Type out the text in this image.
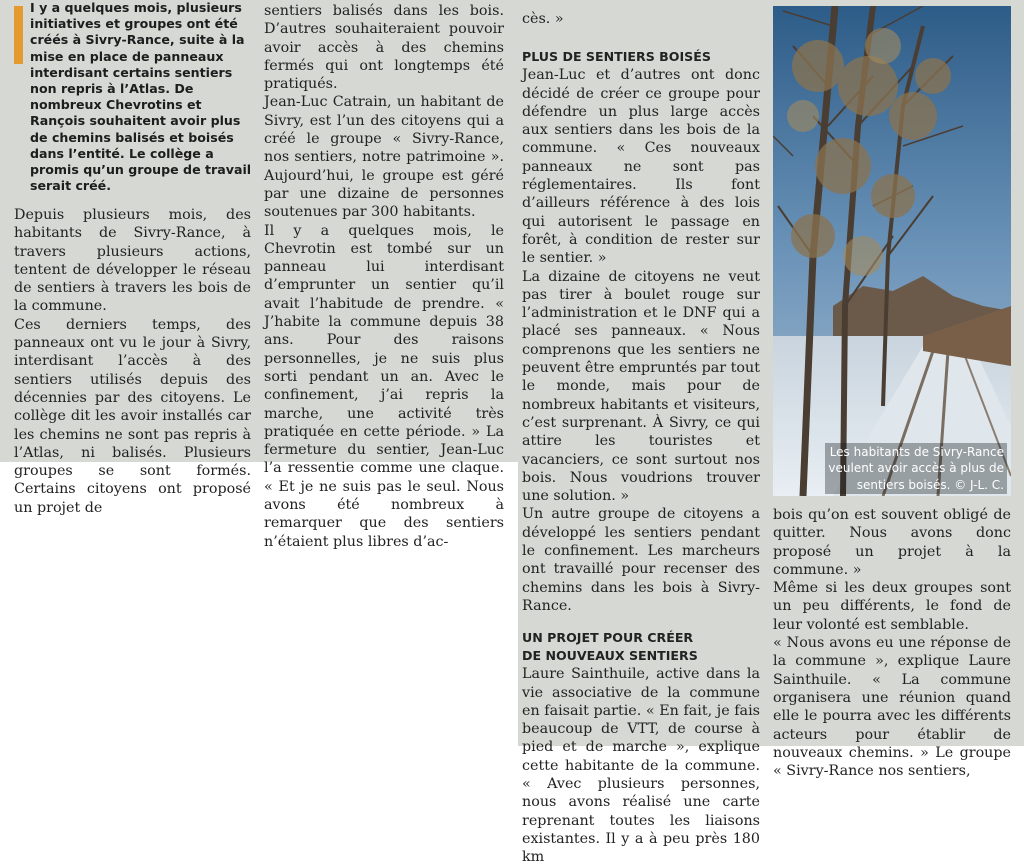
I y a quelques mois, plusieurs initiatives et groupes ont été créés à Sivry-Rance, suite à la mise en place de panneaux interdisant certains sentiers non repris à l’Atlas. De nombreux Chevrotins et Rançois souhaitent avoir plus de chemins balisés et boisés dans l’entité. Le collège a promis qu’un groupe de travail serait créé.

Depuis plusieurs mois, des habitants de Sivry-Rance, à travers plusieurs actions, tentent de développer le réseau de sentiers à travers les bois de la commune.

Ces derniers temps, des panneaux ont vu le jour à Sivry, interdisant l’accès à des sentiers utilisés depuis des décennies par des citoyens. Le collège dit les avoir installés car les chemins ne sont pas repris à l’Atlas, ni balisés. Plusieurs groupes se sont formés. Certains citoyens ont proposé un projet de

sentiers balisés dans les bois. D’autres souhaiteraient pouvoir avoir accès à des chemins fermés qui ont longtemps été pratiqués.

Jean-Luc Catrain, un habitant de Sivry, est l’un des citoyens qui a créé le groupe « Sivry-Rance, nos sentiers, notre patrimoine ». Aujourd’hui, le groupe est géré par une dizaine de personnes soutenues par 300 habitants.

Il y a quelques mois, le Chevrotin est tombé sur un panneau lui interdisant d’emprunter un sentier qu’il avait l’habitude de prendre. « J’habite la commune depuis 38 ans. Pour des raisons personnelles, je ne suis plus sorti pendant un an. Avec le confinement, j’ai repris la marche, une activité très pratiquée en cette période. » La fermeture du sentier, Jean-Luc l’a ressentie comme une claque. « Et je ne suis pas le seul. Nous avons été nombreux à remarquer que des sentiers n’étaient plus libres d’ac-

cès. »

PLUS DE SENTIERS BOISÉS

Jean-Luc et d’autres ont donc décidé de créer ce groupe pour défendre un plus large accès aux sentiers dans les bois de la commune. « Ces nouveaux panneaux ne sont pas réglementaires. Ils font d’ailleurs référence à des lois qui autorisent le passage en forêt, à condition de rester sur le sentier. »

La dizaine de citoyens ne veut pas tirer à boulet rouge sur l’administration et le DNF qui a placé ses panneaux. « Nous comprenons que les sentiers ne peuvent être empruntés par tout le monde, mais pour de nombreux habitants et visiteurs, c’est surprenant. À Sivry, ce qui attire les touristes et vacanciers, ce sont surtout nos bois. Nous voudrions trouver une solution. »

Un autre groupe de citoyens a développé les sentiers pendant le confinement. Les marcheurs ont travaillé pour recenser des chemins dans les bois à Sivry-Rance.

UN PROJET POUR CRÉER
DE NOUVEAUX SENTIERS

Laure Sainthuile, active dans la vie associative de la commune en faisait partie. « En fait, je fais beaucoup de VTT, de course à pied et de marche », explique cette habitante de la commune. « Avec plusieurs personnes, nous avons réalisé une carte reprenant toutes les liaisons existantes. Il y a à peu près 180 km

bois qu’on est souvent obligé de quitter. Nous avons donc proposé un projet à la commune. »

Même si les deux groupes sont un peu différents, le fond de leur volonté est semblable.

« Nous avons eu une réponse de la commune », explique Laure Sainthuile. « La commune organisera une réunion quand elle le pourra avec les différents acteurs pour établir de nouveaux chemins. » Le groupe « Sivry-Rance nos sentiers,

Les habitants de Sivry-Rance
veulent avoir accès à plus de
sentiers boisés. © J-L. C.
